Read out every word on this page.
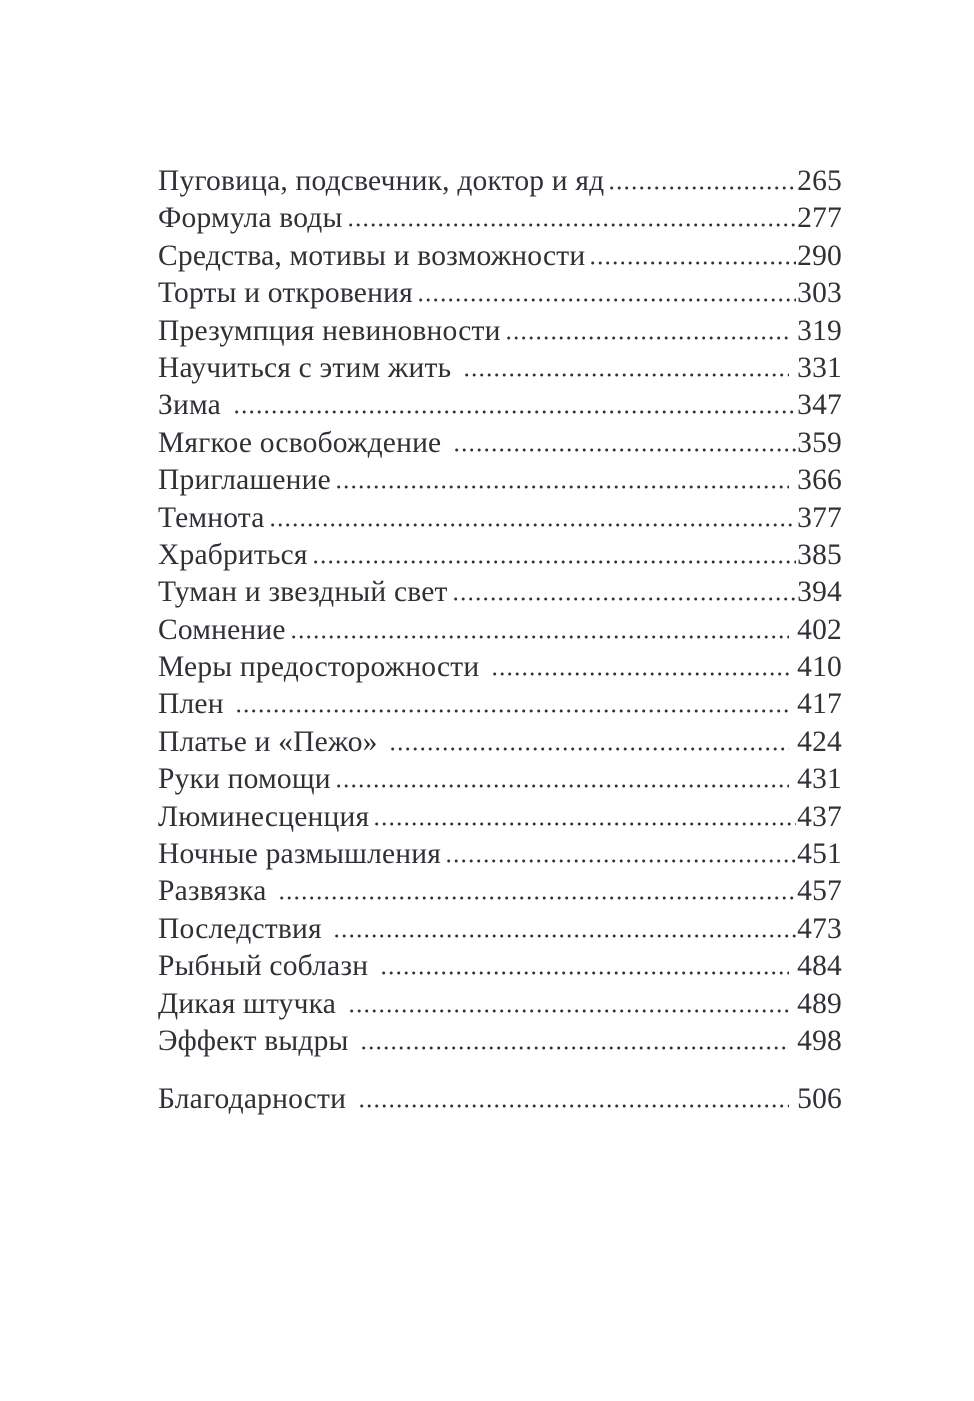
Пуговица, подсвечник, доктор и яд	265
Формула воды	277
Средства, мотивы и возможности	290
Торты и откровения	303
Презумпция невиновности	319
Научиться с этим жить	331
Зима	347
Мягкое освобождение	359
Приглашение	366
Темнота	377
Храбриться	385
Туман и звездный свет	394
Сомнение	402
Меры предосторожности	410
Плен	417
Платье и «Пежо»	424
Руки помощи	431
Люминесценция	437
Ночные размышления	451
Развязка	457
Последствия	473
Рыбный соблазн	484
Дикая штучка	489
Эффект выдры	498
Благодарности	506
